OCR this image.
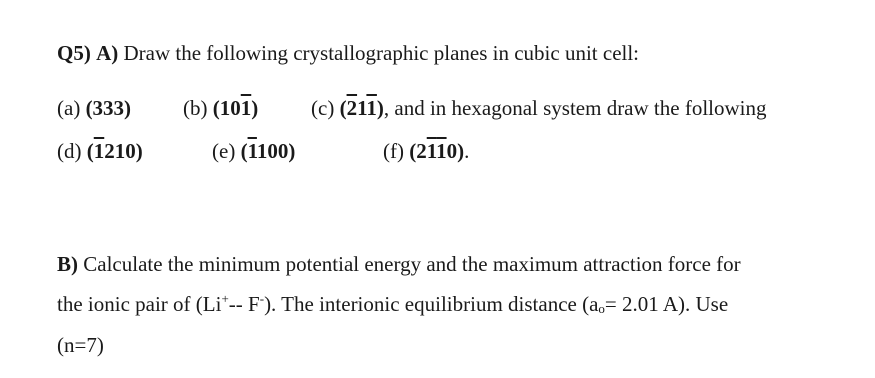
Q5) A) Draw the following crystallographic planes in cubic unit cell:
(a) (333) (b) (101)	(c) (211), and in hexagonal system draw the following
(d) (1210)	(e) (1100)	(f) (2110).
B) Calculate the minimum potential energy and the maximum attraction force for
the ionic pair of (Li+-- F-). The interionic equilibrium distance (ao= 2.01 A). Use
(n=7)
